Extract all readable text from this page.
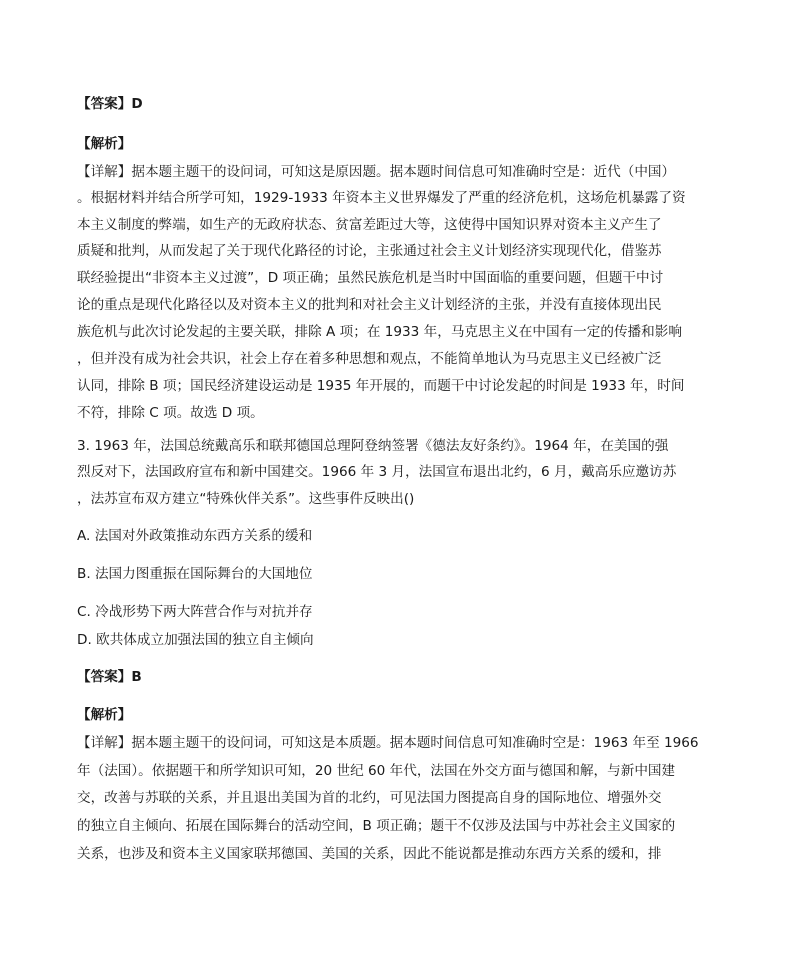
【答案】D
【解析】
【详解】据本题主题干的设问词，可知这是原因题。据本题时间信息可知准确时空是：近代（中国）
。根据材料并结合所学可知，1929-1933 年资本主义世界爆发了严重的经济危机，这场危机暴露了资
本主义制度的弊端，如生产的无政府状态、贫富差距过大等，这使得中国知识界对资本主义产生了
质疑和批判，从而发起了关于现代化路径的讨论，主张通过社会主义计划经济实现现代化，借鉴苏
联经验提出“非资本主义过渡”，D 项正确；虽然民族危机是当时中国面临的重要问题，但题干中讨
论的重点是现代化路径以及对资本主义的批判和对社会主义计划经济的主张，并没有直接体现出民
族危机与此次讨论发起的主要关联，排除 A 项；在 1933 年，马克思主义在中国有一定的传播和影响
，但并没有成为社会共识，社会上存在着多种思想和观点，不能简单地认为马克思主义已经被广泛
认同，排除 B 项；国民经济建设运动是 1935 年开展的，而题干中讨论发起的时间是 1933 年，时间
不符，排除 C 项。故选 D 项。
3. 1963 年，法国总统戴高乐和联邦德国总理阿登纳签署《德法友好条约》。1964 年，在美国的强
烈反对下，法国政府宣布和新中国建交。1966 年 3 月，法国宣布退出北约，6 月，戴高乐应邀访苏
，法苏宣布双方建立“特殊伙伴关系”。这些事件反映出()
A. 法国对外政策推动东西方关系的缓和
B. 法国力图重振在国际舞台的大国地位
C. 冷战形势下两大阵营合作与对抗并存
D. 欧共体成立加强法国的独立自主倾向
【答案】B
【解析】
【详解】据本题主题干的设问词，可知这是本质题。据本题时间信息可知准确时空是：1963 年至 1966
年（法国）。依据题干和所学知识可知，20 世纪 60 年代，法国在外交方面与德国和解，与新中国建
交，改善与苏联的关系，并且退出美国为首的北约，可见法国力图提高自身的国际地位、增强外交
的独立自主倾向、拓展在国际舞台的活动空间，B 项正确；题干不仅涉及法国与中苏社会主义国家的
关系，也涉及和资本主义国家联邦德国、美国的关系，因此不能说都是推动东西方关系的缓和，排
